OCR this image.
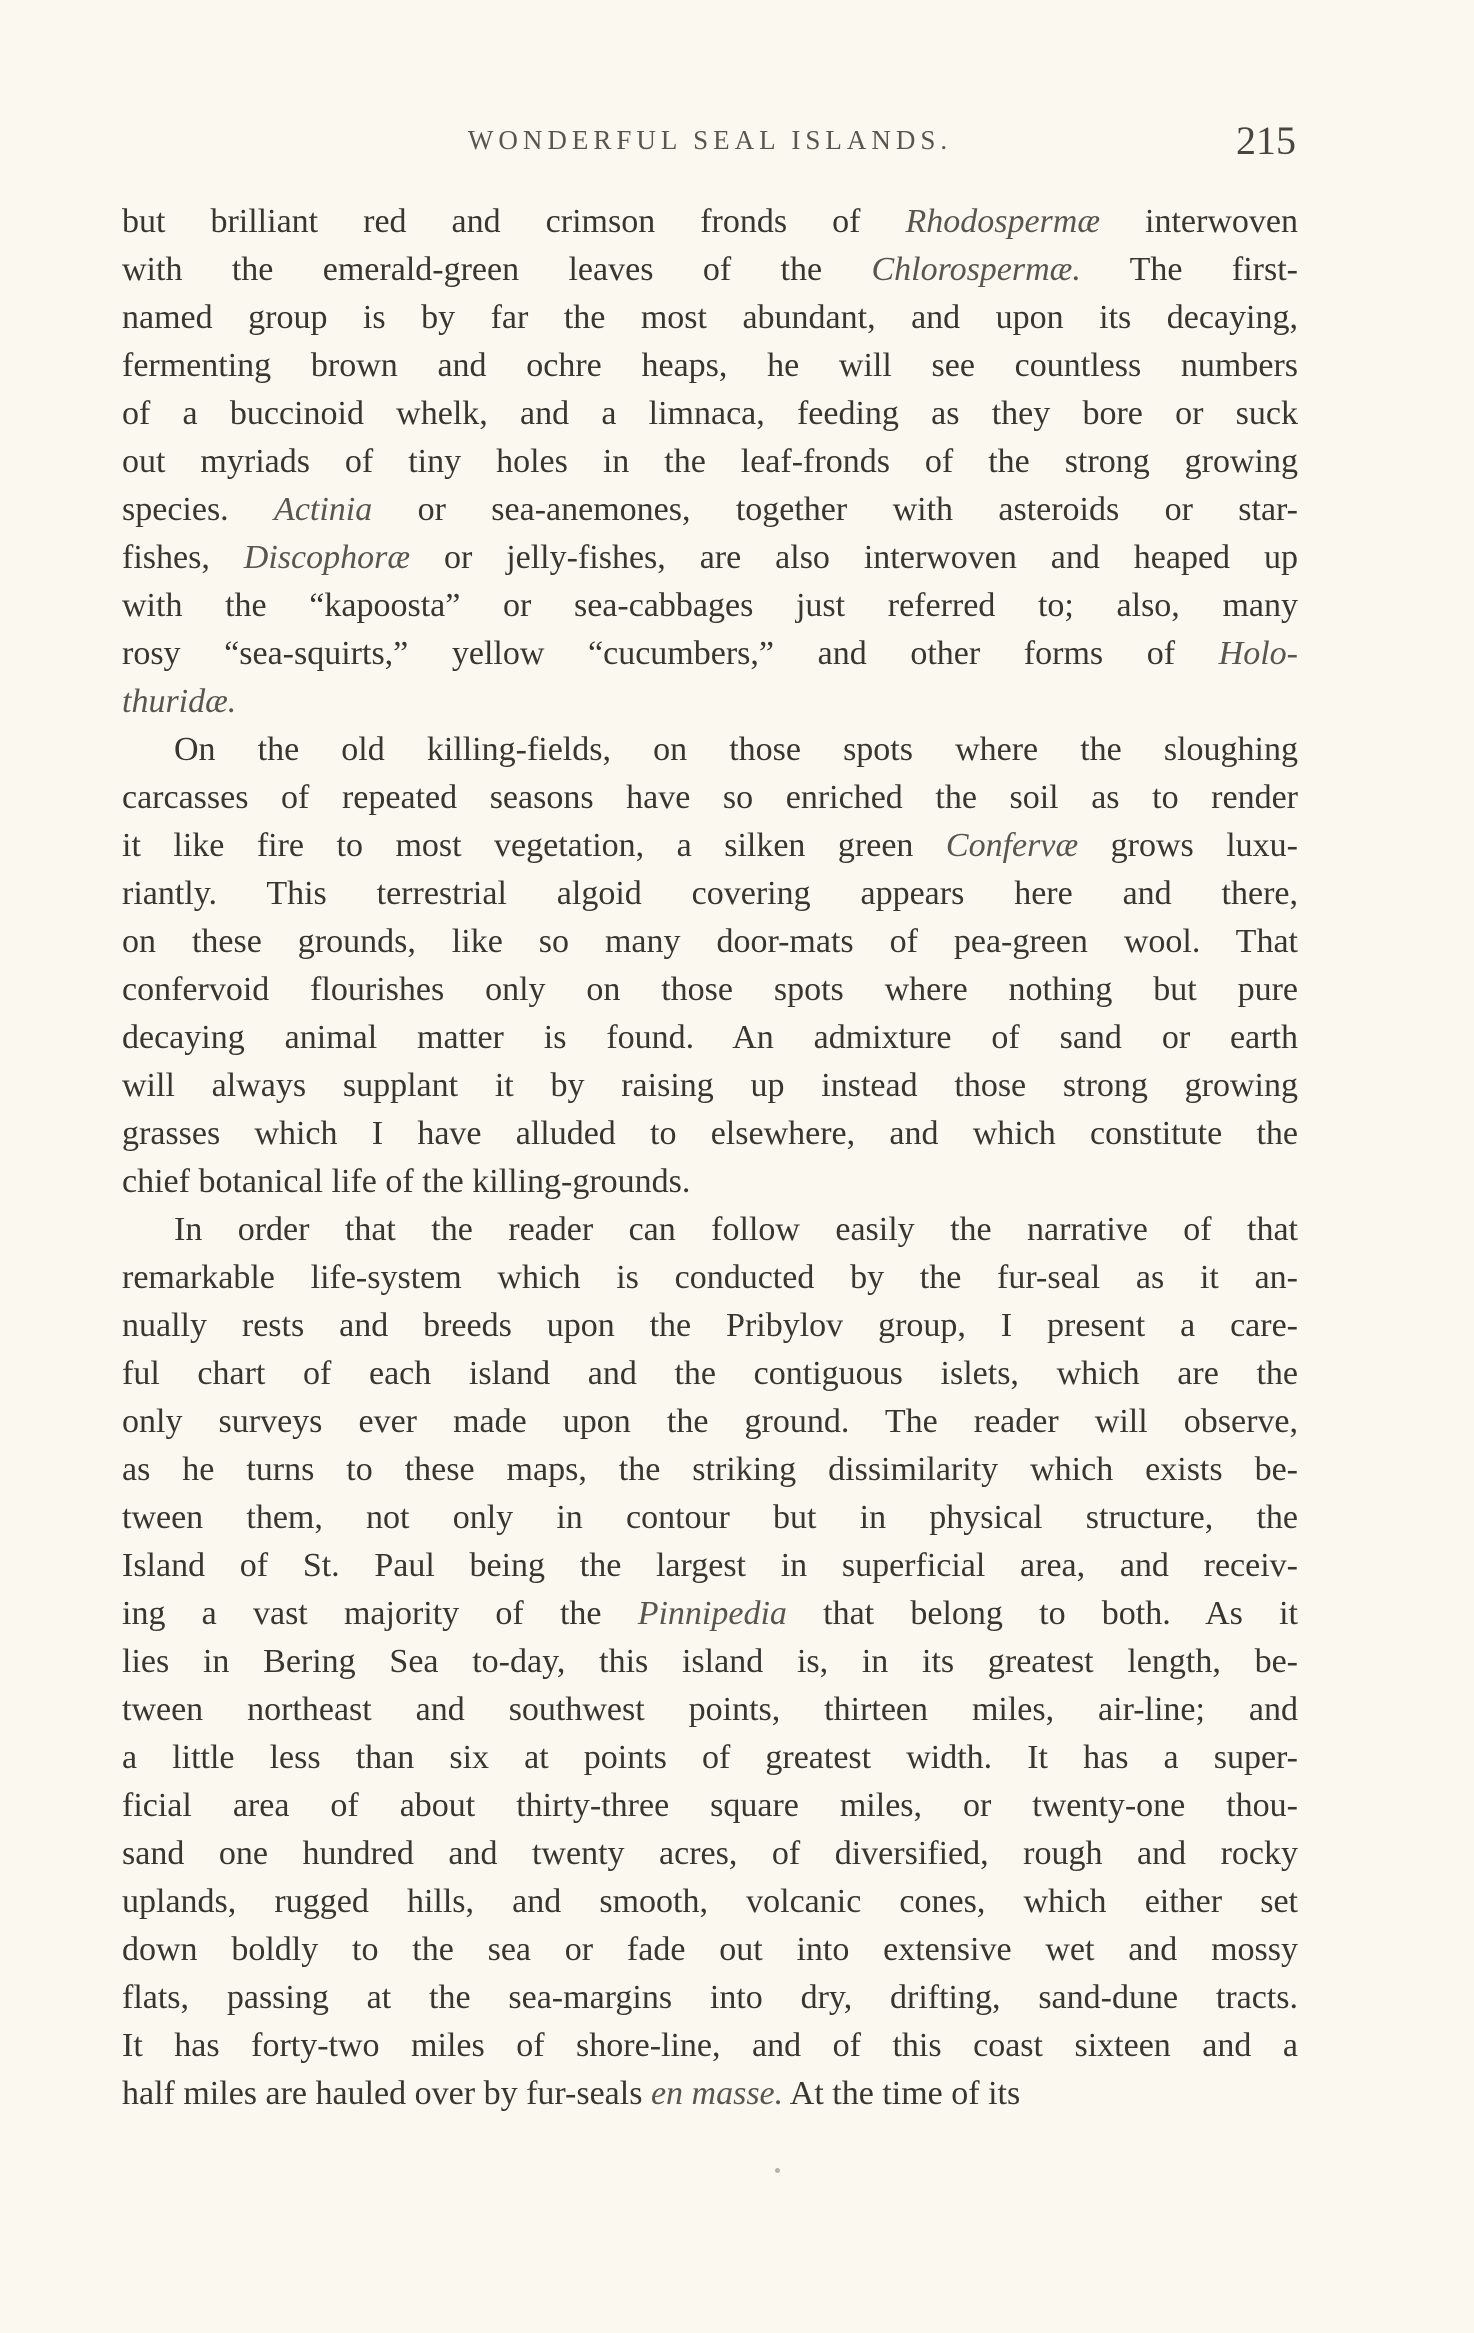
WONDERFUL SEAL ISLANDS.	215
but brilliant red and crimson fronds of Rhodospermæ interwoven
with the emerald-green leaves of the Chlorospermæ. The first-
named group is by far the most abundant, and upon its decaying,
fermenting brown and ochre heaps, he will see countless numbers
of a buccinoid whelk, and a limnaca, feeding as they bore or suck
out myriads of tiny holes in the leaf-fronds of the strong growing
species. Actinia or sea-anemones, together with asteroids or star-
fishes, Discophoræ or jelly-fishes, are also interwoven and heaped up
with the “kapoosta” or sea-cabbages just referred to; also, many
rosy “sea-squirts,” yellow “cucumbers,” and other forms of Holo-
thuridæ.
On the old killing-fields, on those spots where the sloughing
carcasses of repeated seasons have so enriched the soil as to render
it like fire to most vegetation, a silken green Confervæ grows luxu-
riantly. This terrestrial algoid covering appears here and there,
on these grounds, like so many door-mats of pea-green wool. That
confervoid flourishes only on those spots where nothing but pure
decaying animal matter is found. An admixture of sand or earth
will always supplant it by raising up instead those strong growing
grasses which I have alluded to elsewhere, and which constitute the
chief botanical life of the killing-grounds.
In order that the reader can follow easily the narrative of that
remarkable life-system which is conducted by the fur-seal as it an-
nually rests and breeds upon the Pribylov group, I present a care-
ful chart of each island and the contiguous islets, which are the
only surveys ever made upon the ground. The reader will observe,
as he turns to these maps, the striking dissimilarity which exists be-
tween them, not only in contour but in physical structure, the
Island of St. Paul being the largest in superficial area, and receiv-
ing a vast majority of the Pinnipedia that belong to both. As it
lies in Bering Sea to-day, this island is, in its greatest length, be-
tween northeast and southwest points, thirteen miles, air-line; and
a little less than six at points of greatest width. It has a super-
ficial area of about thirty-three square miles, or twenty-one thou-
sand one hundred and twenty acres, of diversified, rough and rocky
uplands, rugged hills, and smooth, volcanic cones, which either set
down boldly to the sea or fade out into extensive wet and mossy
flats, passing at the sea-margins into dry, drifting, sand-dune tracts.
It has forty-two miles of shore-line, and of this coast sixteen and a
half miles are hauled over by fur-seals en masse. At the time of its
